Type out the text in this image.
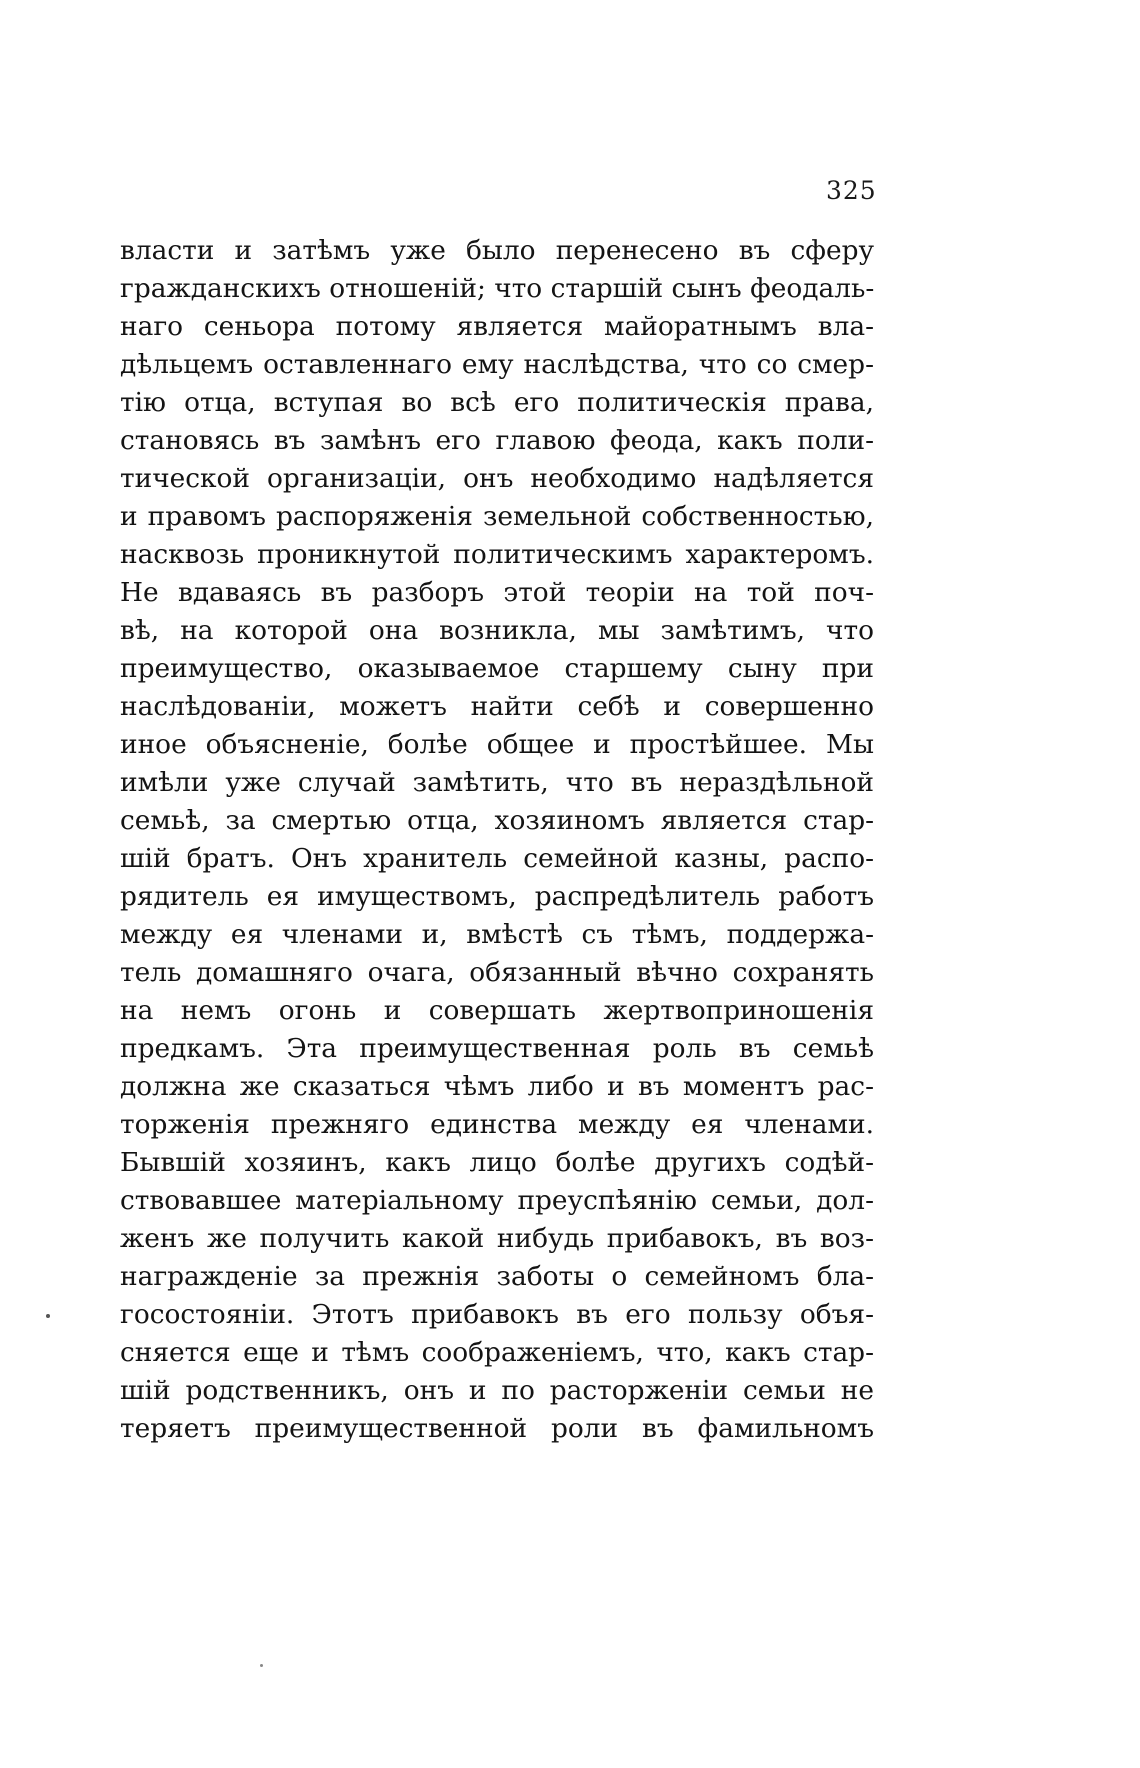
325
власти и затѣмъ уже было перенесено въ сферу
гражданскихъ отношеній; что старшій сынъ феодаль-
наго сеньора потому является майоратнымъ вла-
дѣльцемъ оставленнаго ему наслѣдства, что со смер-
тію отца, вступая во всѣ его политическія права,
становясь въ замѣнъ его главою феода, какъ поли-
тической организаціи, онъ необходимо надѣляется
и правомъ распоряженія земельной собственностью,
насквозь проникнутой политическимъ характеромъ.
Не вдаваясь въ разборъ этой теоріи на той поч-
вѣ, на которой она возникла, мы замѣтимъ, что
преимущество, оказываемое старшему сыну при
наслѣдованіи, можетъ найти себѣ и совершенно
иное объясненіе, болѣе общее и простѣйшее. Мы
имѣли уже случай замѣтить, что въ нераздѣльной
семьѣ, за смертью отца, хозяиномъ является стар-
шій братъ. Онъ хранитель семейной казны, распо-
рядитель ея имуществомъ, распредѣлитель работъ
между ея членами и, вмѣстѣ съ тѣмъ, поддержа-
тель домашняго очага, обязанный вѣчно сохранять
на немъ огонь и совершать жертвоприношенія
предкамъ. Эта преимущественная роль въ семьѣ
должна же сказаться чѣмъ либо и въ моментъ рас-
торженія прежняго единства между ея членами.
Бывшій хозяинъ, какъ лицо болѣе другихъ содѣй-
ствовавшее матеріальному преуспѣянію семьи, дол-
женъ же получить какой нибудь прибавокъ, въ воз-
награжденіе за прежнія заботы о семейномъ бла-
госостояніи. Этотъ прибавокъ въ его пользу объя-
сняется еще и тѣмъ соображеніемъ, что, какъ стар-
шій родственникъ, онъ и по расторженіи семьи не
теряетъ преимущественной роли въ фамильномъ
